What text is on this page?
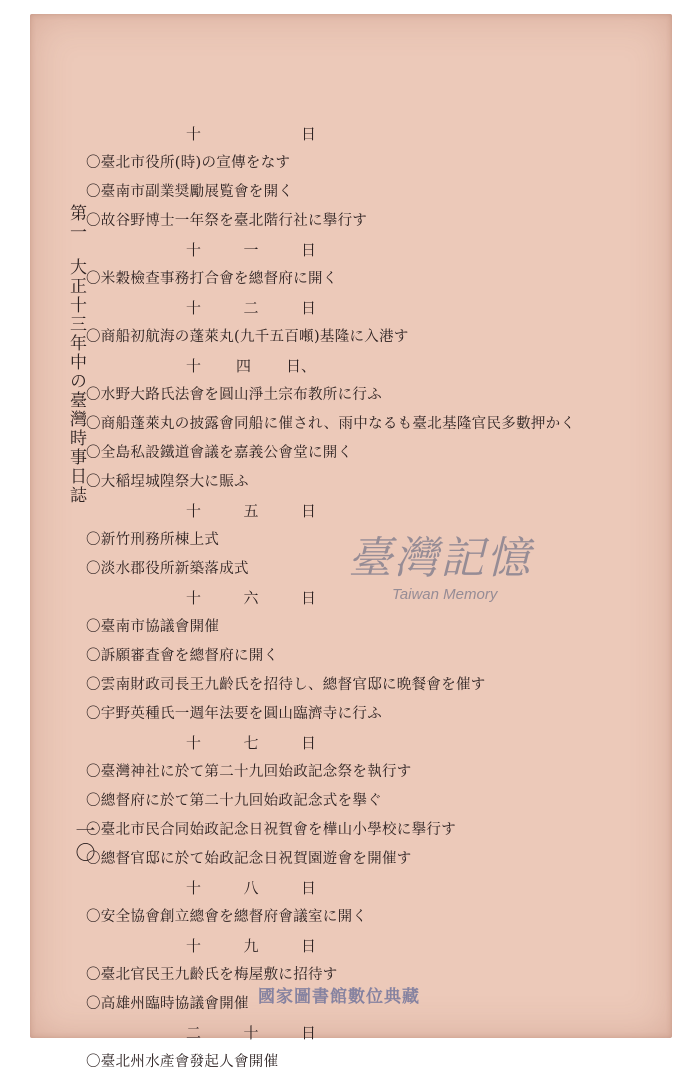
第一大正十三年中の臺灣時事日誌
一〇
十	日
〇臺北市役所(時)の宣傳をなす
〇臺南市副業奨勵展覧會を開く
〇故谷野博士一年祭を臺北階行社に擧行す
十	一	日
〇米穀檢查事務打合會を總督府に開く
十	二	日
〇商船初航海の蓬萊丸(九千五百噸)基隆に入港す
十 四 日、
〇水野大路氏法會を圓山淨土宗布教所に行ふ
〇商船蓬萊丸の披露會同船に催され、雨中なるも臺北基隆官民多數押かく
〇全島私設鐵道會議を嘉義公會堂に開く
〇大稲埕城隍祭大に賑ふ
十	五	日
〇新竹刑務所棟上式
〇淡水郡役所新築落成式
十	六	日
〇臺南市協議會開催
〇訴願審査會を總督府に開く
〇雲南財政司長王九齡氏を招待し、總督官邸に晩餐會を催す
〇宇野英種氏一週年法要を圓山臨濟寺に行ふ
十	七	日
〇臺灣神社に於て第二十九回始政記念祭を執行す
〇總督府に於て第二十九回始政記念式を擧ぐ
〇臺北市民合同始政記念日祝賀會を樺山小學校に擧行す
〇總督官邸に於て始政記念日祝賀園遊會を開催す
十	八	日
〇安全協會創立總會を總督府會議室に開く
十	九	日
〇臺北官民王九齡氏を梅屋敷に招待す
〇高雄州臨時協議會開催
二	十	日
〇臺北州水產會發起人會開催
臺灣記憶
Taiwan Memory
國家圖書館數位典藏
